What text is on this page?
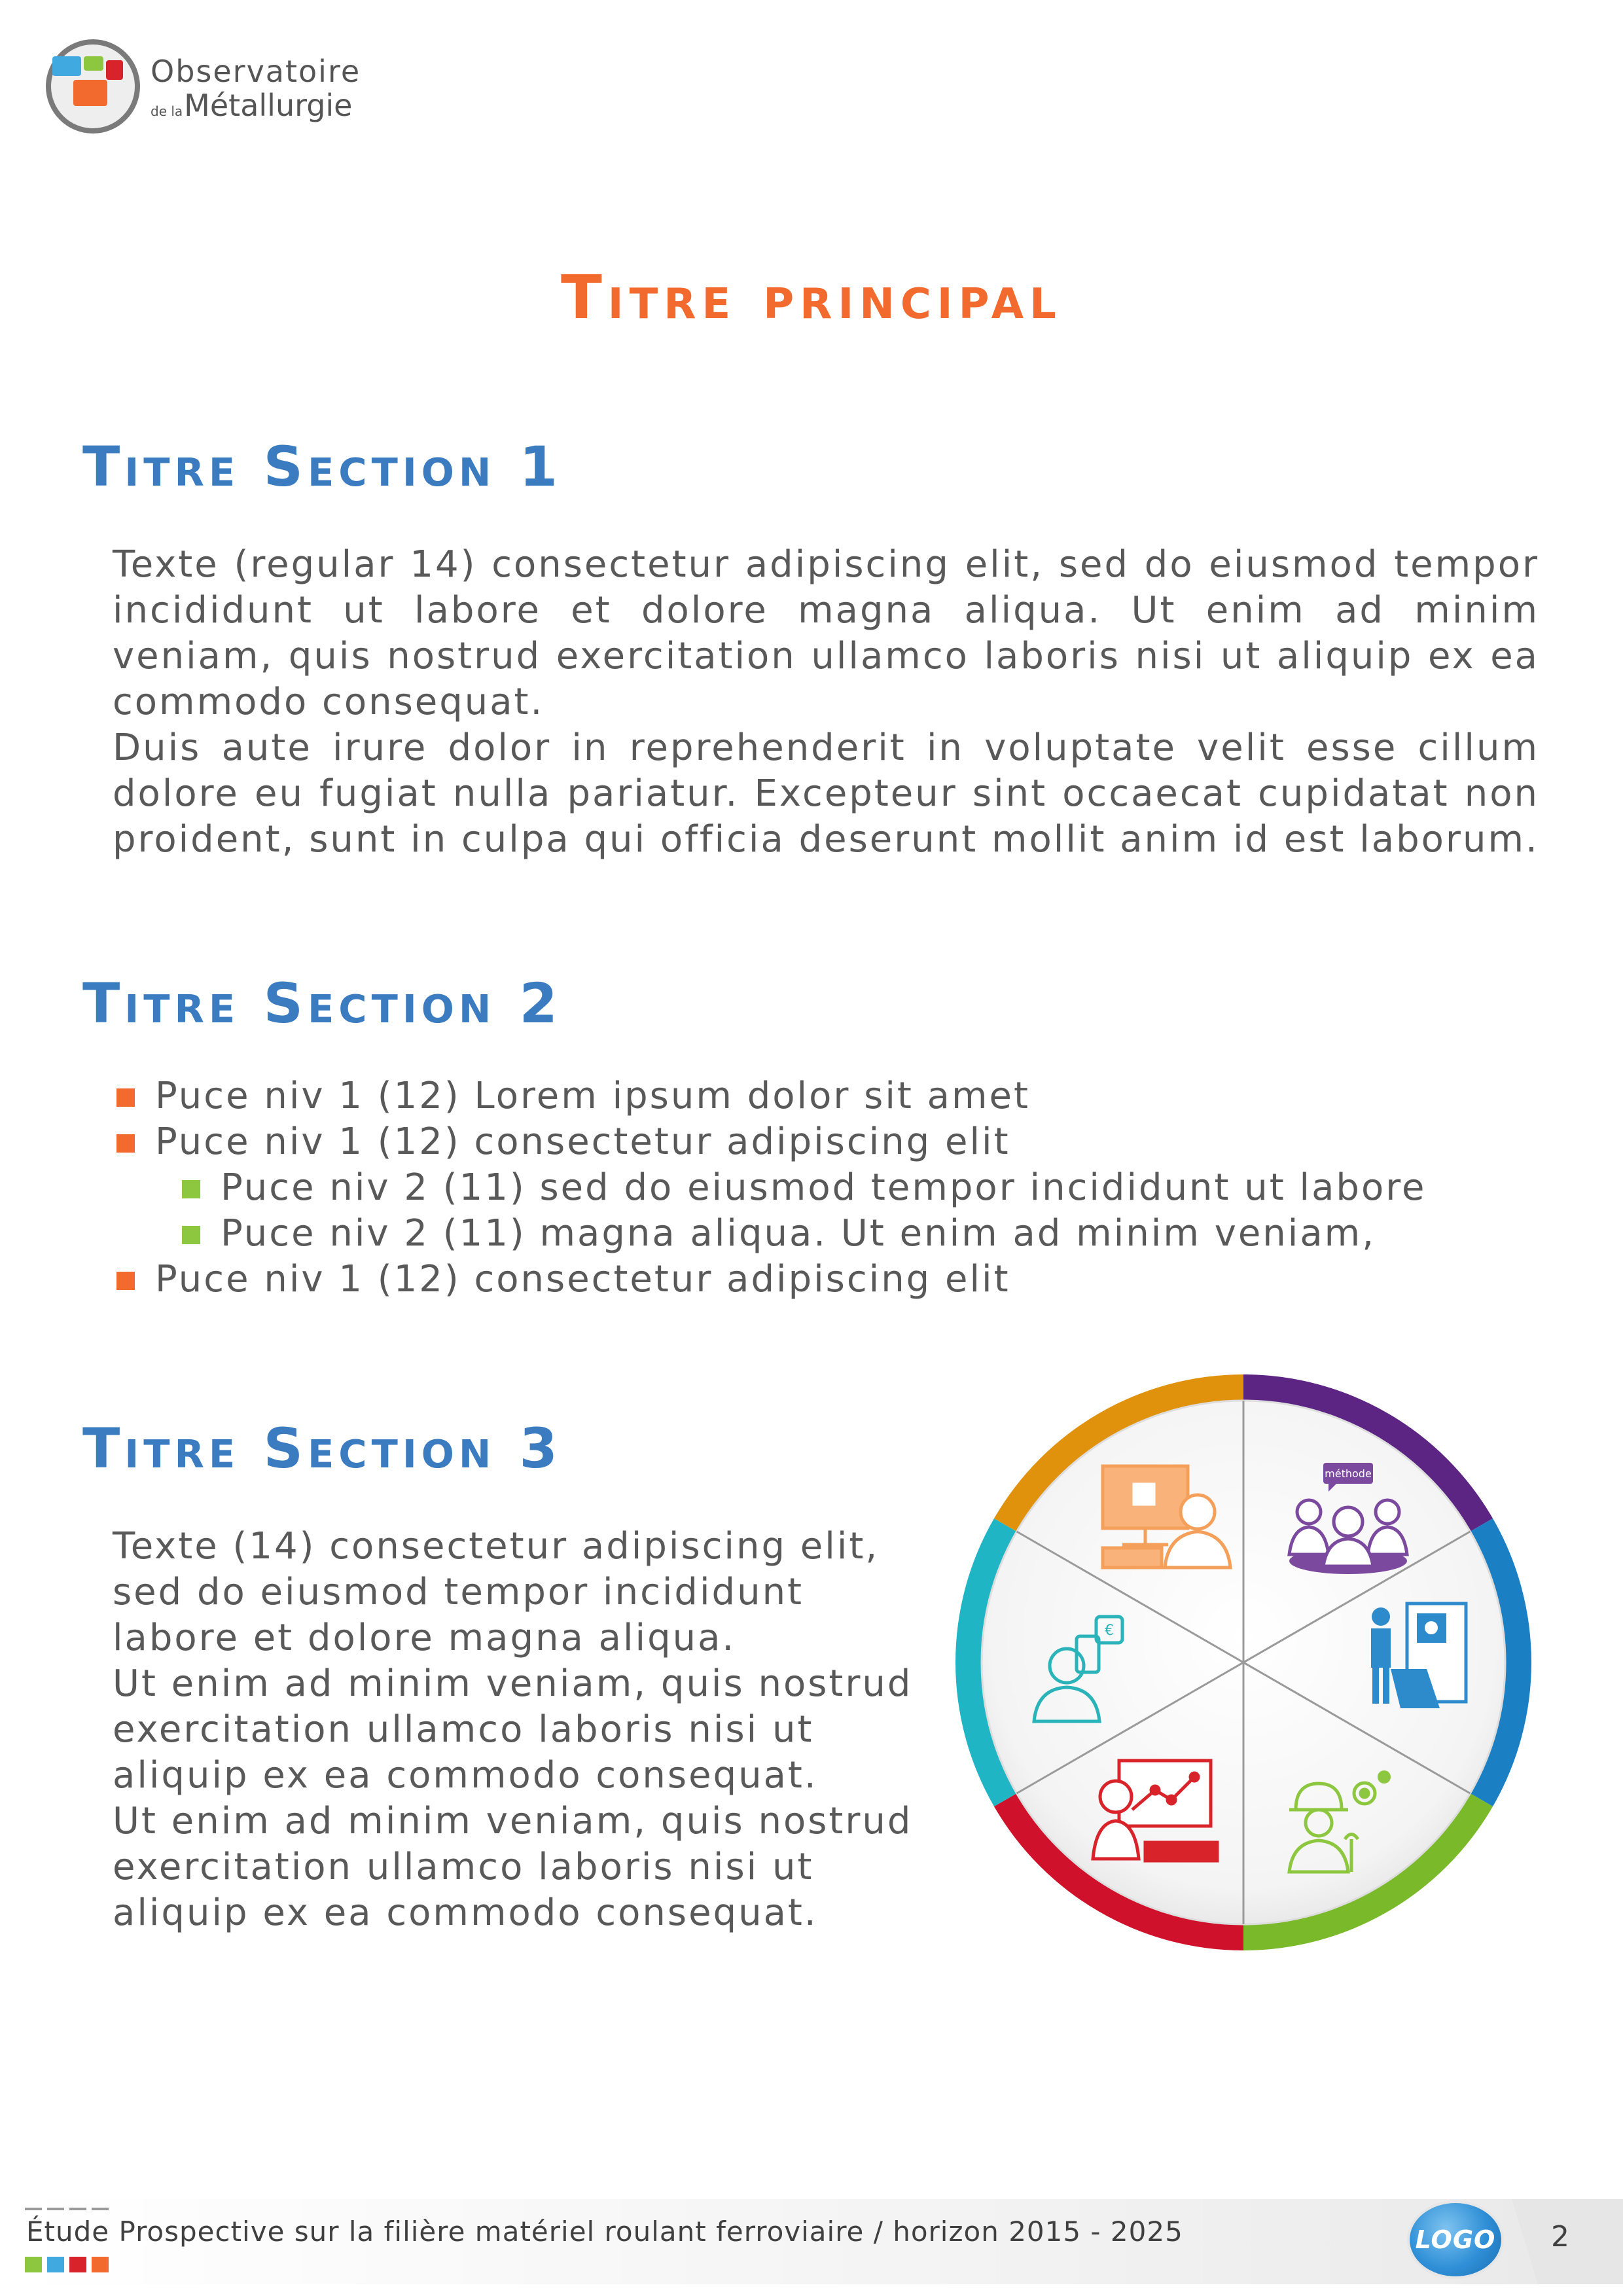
Observatoire
de laMétallurgie
Titre principal
Titre Section 1

Texte (regular 14) consectetur adipiscing elit, sed do eiusmod tempor incididunt ut labore et dolore magna aliqua. Ut enim ad minim veniam, quis nostrud exercitation ullamco laboris nisi ut aliquip ex ea commodo consequat.

Duis aute irure dolor in reprehenderit in voluptate velit esse cillum dolore eu fugiat nulla pariatur. Excepteur sint occaecat cupidatat non proident, sunt in culpa qui officia deserunt mollit anim id est laborum.

Titre Section 2
Puce niv 1 (12) Lorem ipsum dolor sit amet
Puce niv 1 (12) consectetur adipiscing elit
Puce niv 2 (11) sed do eiusmod tempor incididunt ut labore
Puce niv 2 (11) magna aliqua. Ut enim ad minim veniam,
Puce niv 1 (12) consectetur adipiscing elit
Titre Section 3
Texte (14) consectetur adipiscing elit,
sed do eiusmod tempor incididunt
labore et dolore magna aliqua.
Ut enim ad minim veniam, quis nostrud
exercitation ullamco laboris nisi ut
aliquip ex ea commodo consequat.
Ut enim ad minim veniam, quis nostrud
exercitation ullamco laboris nisi ut
aliquip ex ea commodo consequat.
méthode
€
Étude Prospective sur la filière matériel roulant ferroviaire / horizon 2015 - 2025	LOGO 2
